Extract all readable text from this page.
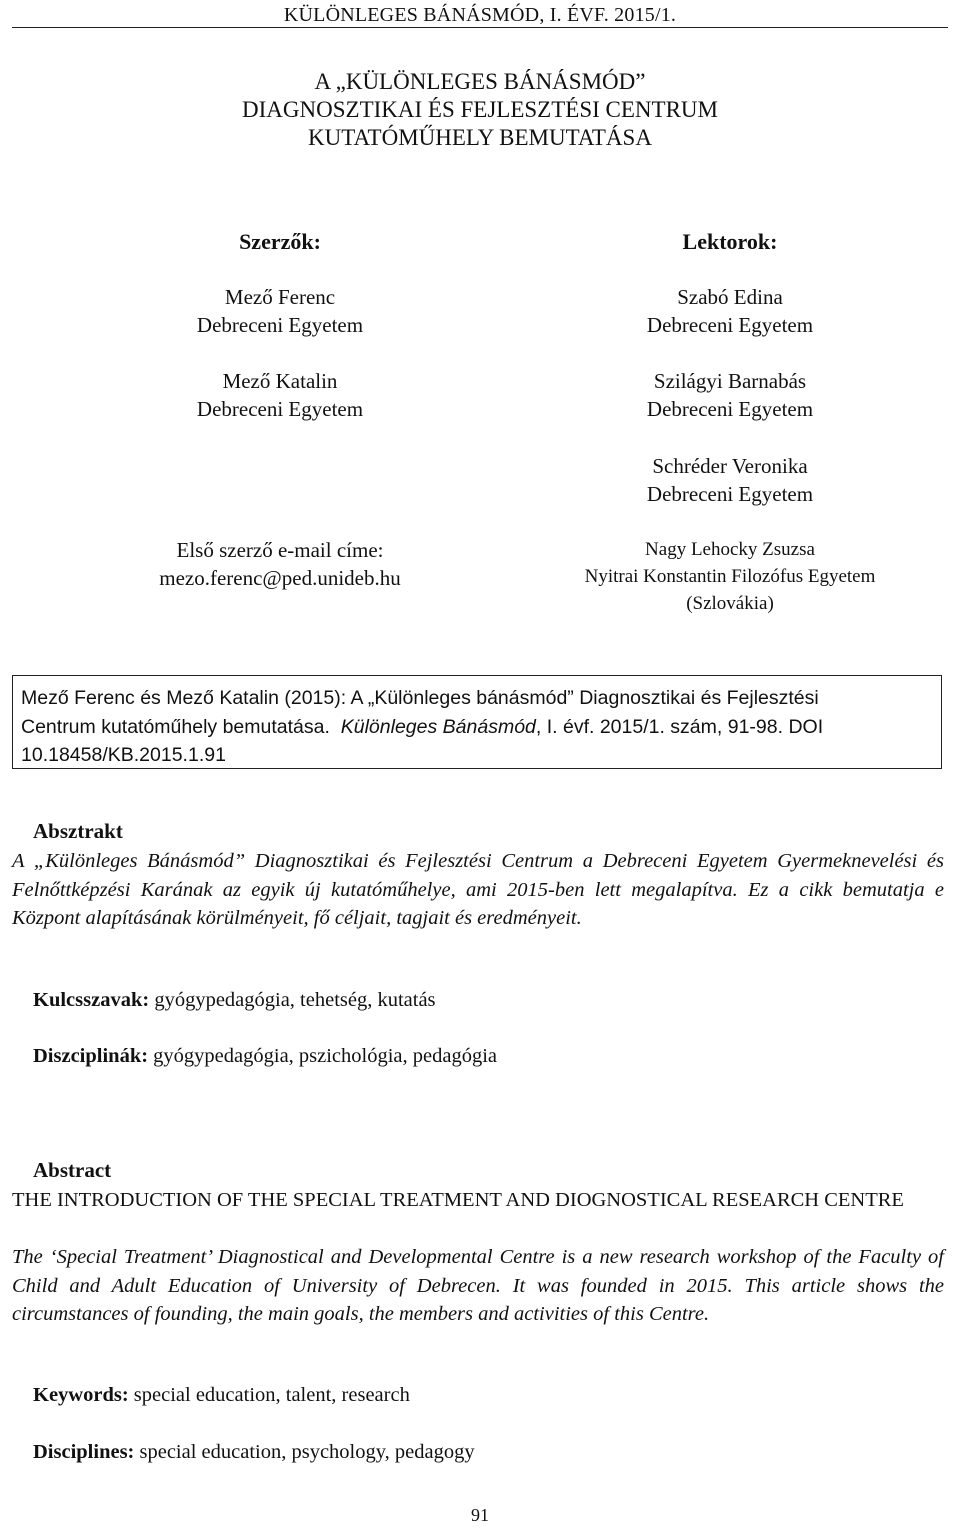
KÜLÖNLEGES BÁNÁSMÓD, I. ÉVF. 2015/1.
A „KÜLÖNLEGES BÁNÁSMÓD”
DIAGNOSZTIKAI ÉS FEJLESZTÉSI CENTRUM
KUTATÓMŰHELY BEMUTATÁSA
Szerzők:
Mező Ferenc
Debreceni Egyetem
Mező Katalin
Debreceni Egyetem
Első szerző e-mail címe:
mezo.ferenc@ped.unideb.hu
Lektorok:
Szabó Edina
Debreceni Egyetem
Szilágyi Barnabás
Debreceni Egyetem
Schréder Veronika
Debreceni Egyetem
Nagy Lehocky Zsuzsa
Nyitrai Konstantin Filozófus Egyetem
(Szlovákia)
Mező Ferenc és Mező Katalin (2015): A „Különleges bánásmód” Diagnosztikai és Fejlesztési
Centrum kutatóműhely bemutatása. Különleges Bánásmód, I. évf. 2015/1. szám, 91-98. DOI
10.18458/KB.2015.1.91
Absztrakt
A „Különleges Bánásmód” Diagnosztikai és Fejlesztési Centrum a Debreceni Egyetem Gyermeknevelési és Felnőttképzési Karának az egyik új kutatóműhelye, ami 2015-ben lett megalapítva. Ez a cikk bemutatja e Központ alapításának körülményeit, fő céljait, tagjait és eredményeit.
Kulcsszavak: gyógypedagógia, tehetség, kutatás
Diszciplinák: gyógypedagógia, pszichológia, pedagógia
Abstract
THE INTRODUCTION OF THE SPECIAL TREATMENT AND DIOGNOSTICAL RESEARCH CENTRE
The ‘Special Treatment’ Diagnostical and Developmental Centre is a new research workshop of the Faculty of Child and Adult Education of University of Debrecen. It was founded in 2015. This article shows the circumstances of founding, the main goals, the members and activities of this Centre.
Keywords: special education, talent, research
Disciplines: special education, psychology, pedagogy
91
